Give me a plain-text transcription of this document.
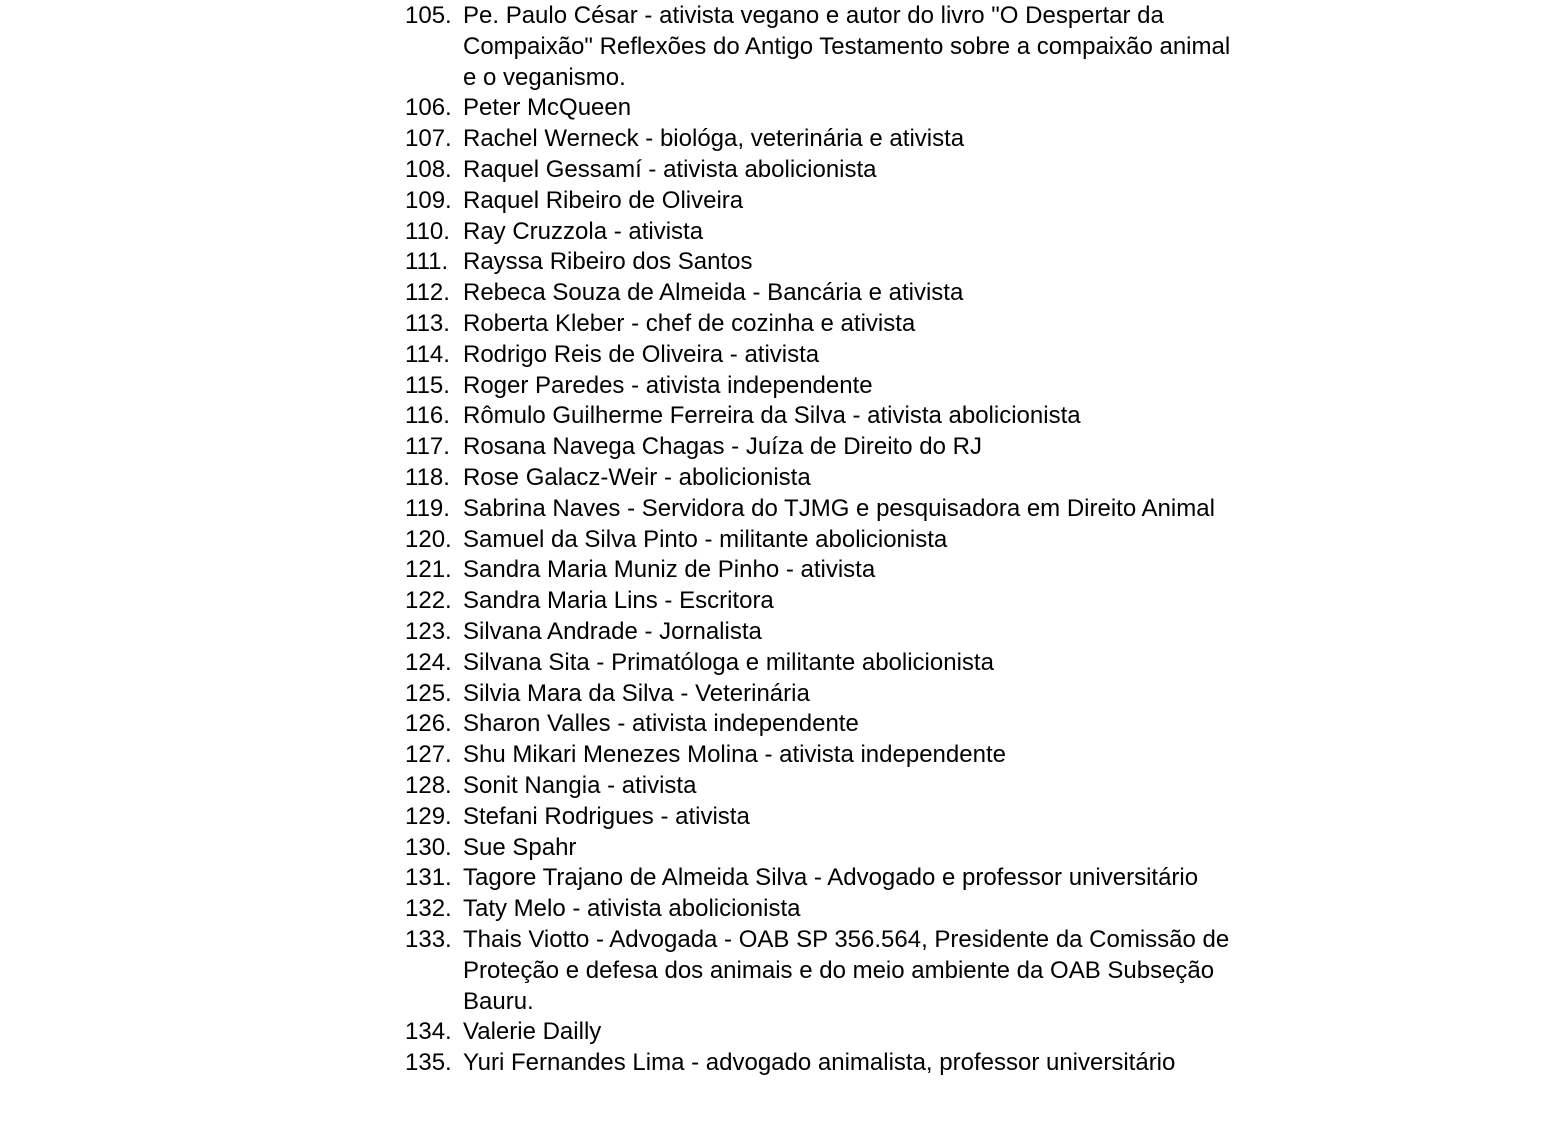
105. Pe. Paulo César - ativista vegano e autor do livro "O Despertar da
Compaixão" Reflexões do Antigo Testamento sobre a compaixão animal
e o veganismo.
106. Peter McQueen
107. Rachel Werneck - biológa, veterinária e ativista
108. Raquel Gessamí - ativista abolicionista
109. Raquel Ribeiro de Oliveira
110. Ray Cruzzola - ativista
111. Rayssa Ribeiro dos Santos
112. Rebeca Souza de Almeida - Bancária e ativista
113. Roberta Kleber - chef de cozinha e ativista
114. Rodrigo Reis de Oliveira - ativista
115. Roger Paredes - ativista independente
116. Rômulo Guilherme Ferreira da Silva - ativista abolicionista
117. Rosana Navega Chagas - Juíza de Direito do RJ
118. Rose Galacz-Weir - abolicionista
119. Sabrina Naves - Servidora do TJMG e pesquisadora em Direito Animal
120. Samuel da Silva Pinto - militante abolicionista
121. Sandra Maria Muniz de Pinho - ativista
122. Sandra Maria Lins - Escritora
123. Silvana Andrade - Jornalista
124. Silvana Sita - Primatóloga e militante abolicionista
125. Silvia Mara da Silva - Veterinária
126. Sharon Valles - ativista independente
127. Shu Mikari Menezes Molina - ativista independente
128. Sonit Nangia - ativista
129. Stefani Rodrigues - ativista
130. Sue Spahr
131. Tagore Trajano de Almeida Silva - Advogado e professor universitário
132. Taty Melo - ativista abolicionista
133. Thais Viotto - Advogada - OAB SP 356.564, Presidente da Comissão de
Proteção e defesa dos animais e do meio ambiente da OAB Subseção
Bauru.
134. Valerie Dailly
135. Yuri Fernandes Lima - advogado animalista, professor universitário
